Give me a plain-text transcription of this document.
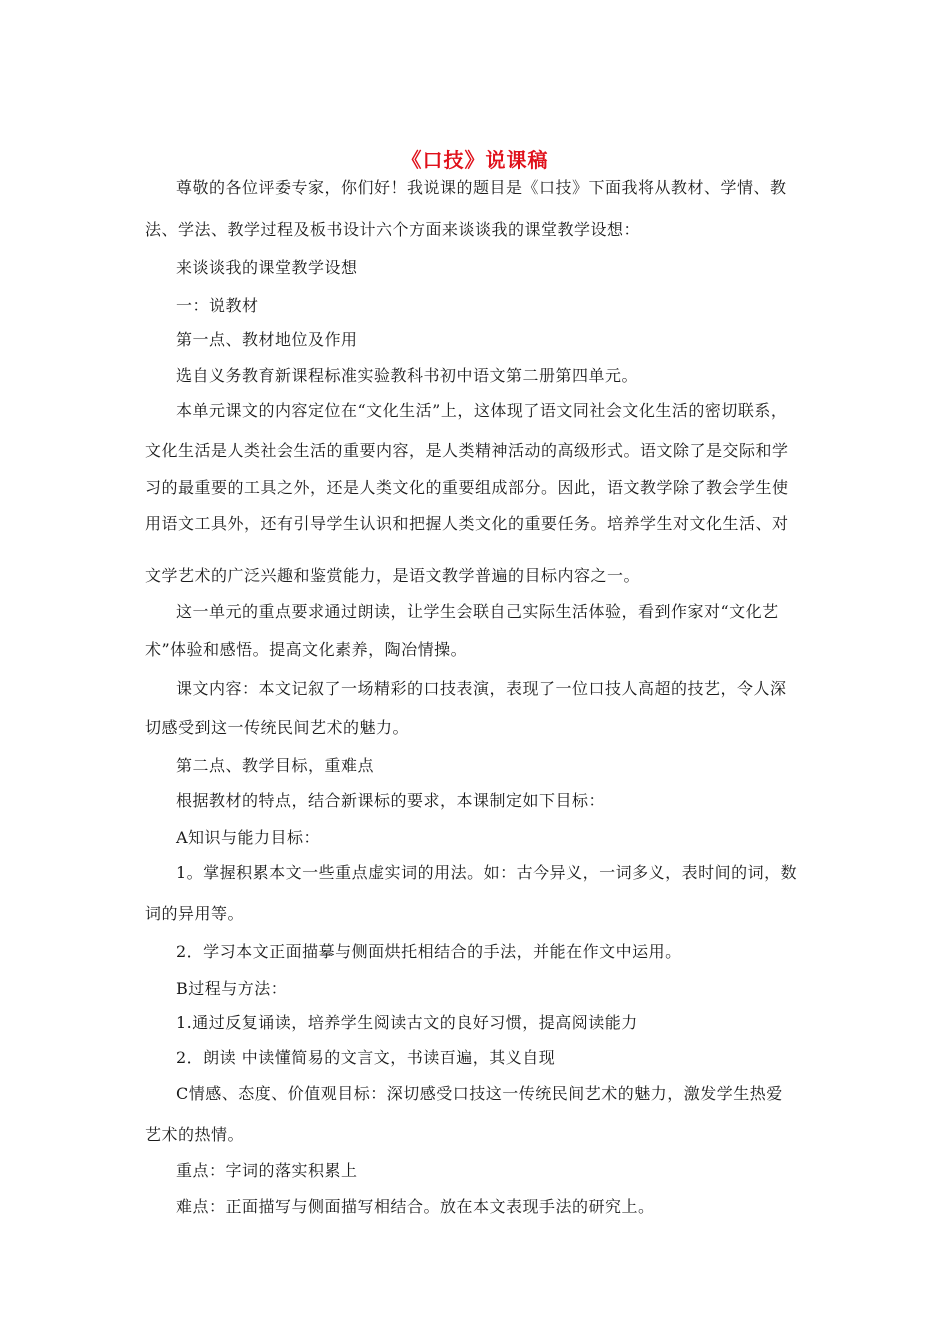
《口技》说课稿
尊敬的各位评委专家，你们好！我说课的题目是《口技》下面我将从教材、学情、教
法、学法、教学过程及板书设计六个方面来谈谈我的课堂教学设想：
来谈谈我的课堂教学设想
一：说教材
第一点、教材地位及作用
选自义务教育新课程标准实验教科书初中语文第二册第四单元。
本单元课文的内容定位在“文化生活”上，这体现了语文同社会文化生活的密切联系，
文化生活是人类社会生活的重要内容，是人类精神活动的高级形式。语文除了是交际和学
习的最重要的工具之外，还是人类文化的重要组成部分。因此，语文教学除了教会学生使
用语文工具外，还有引导学生认识和把握人类文化的重要任务。培养学生对文化生活、对
文学艺术的广泛兴趣和鉴赏能力，是语文教学普遍的目标内容之一。
这一单元的重点要求通过朗读，让学生会联自己实际生活体验，看到作家对“文化艺
术”体验和感悟。提高文化素养，陶冶情操。
课文内容：本文记叙了一场精彩的口技表演，表现了一位口技人高超的技艺，令人深
切感受到这一传统民间艺术的魅力。
第二点、教学目标，重难点
根据教材的特点，结合新课标的要求，本课制定如下目标：
A知识与能力目标：
1。掌握积累本文一些重点虚实词的用法。如：古今异义，一词多义，表时间的词，数
词的异用等。
2．学习本文正面描摹与侧面烘托相结合的手法，并能在作文中运用。
B过程与方法：
1.通过反复诵读，培养学生阅读古文的良好习惯，提高阅读能力
2．朗读 中读懂简易的文言文，书读百遍，其义自现
C情感、态度、价值观目标：深切感受口技这一传统民间艺术的魅力，激发学生热爱
艺术的热情。
重点：字词的落实积累上
难点：正面描写与侧面描写相结合。放在本文表现手法的研究上。
